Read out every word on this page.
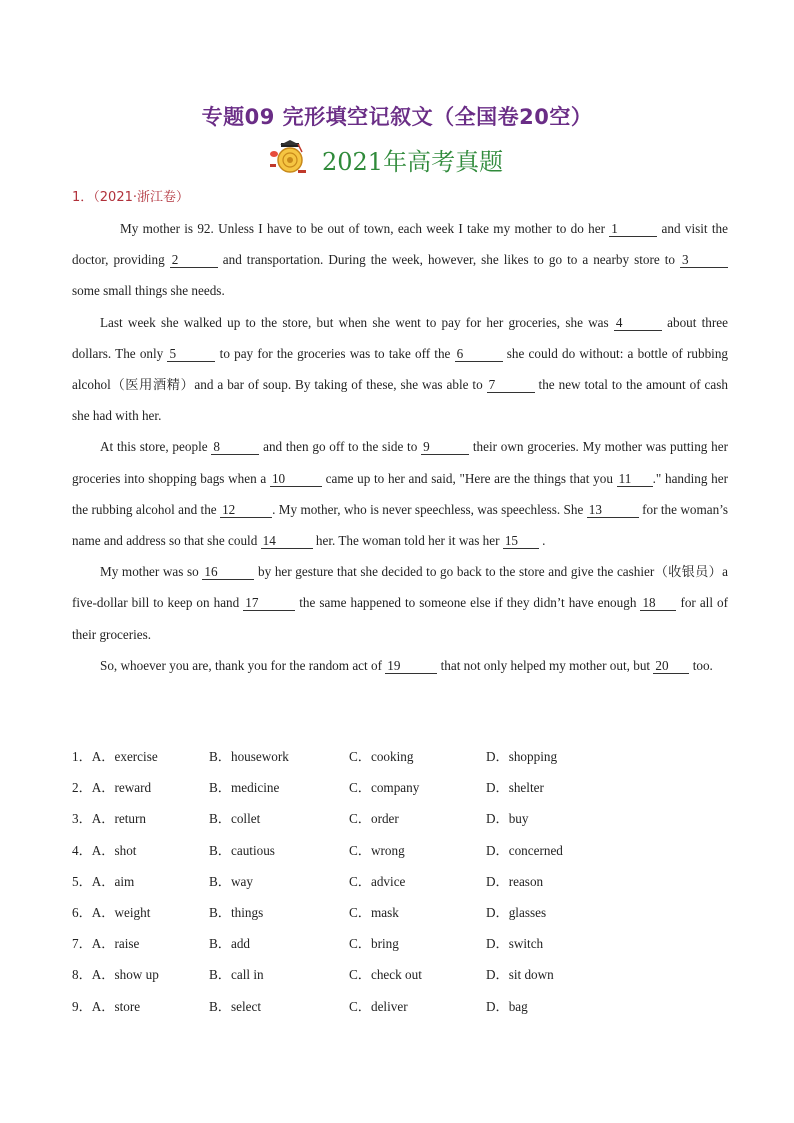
专题09 完形填空记叙文（全国卷20空）
2021年高考真题
1．（2021·浙江卷）

My mother is 92. Unless I have to be out of town, each week I take my mother to do her 1	and visit the doctor, providing 2	and transportation. During the week, however, she likes to go to a nearby store to 3 some small things she needs.

Last week she walked up to the store, but when she went to pay for her groceries, she was 4	about three dollars. The only 5	to pay for the groceries was to take off the 6	she could do without: a bottle of rubbing alcohol（医用酒精）and a bar of soup. By taking of these, she was able to 7	the new total to the amount of cash she had with her.

At this store, people 8	and then go off to the side to 9	their own groceries. My mother was putting her groceries into shopping bags when a 10	came up to her and said, "Here are the things that you 11 ." handing her the rubbing alcohol and the 12	. My mother, who is never speechless, was speechless. She 13	for the woman’s name and address so that she could 14	her. The woman told her it was her 15 .

My mother was so 16	by her gesture that she decided to go back to the store and give the cashier（收银员）a five-dollar bill to keep on hand 17	the same happened to someone else if they didn’t have enough 18 for all of their groceries.

So, whoever you are, thank you for the random act of 19	that not only helped my mother out, but 20 too.

1．A．exercise	B．housework	C．cooking	D．shopping
2．A．reward	B．medicine	C．company	D．shelter
3．A．return	B．collet	C．order	D．buy
4．A．shot	B．cautious	C．wrong	D．concerned
5．A．aim	B．way	C．advice	D．reason
6．A．weight	B．things	C．mask	D．glasses
7．A．raise	B．add	C．bring	D．switch
8．A．show up	B．call in	C．check out	D．sit down
9．A．store	B．select	C．deliver	D．bag
